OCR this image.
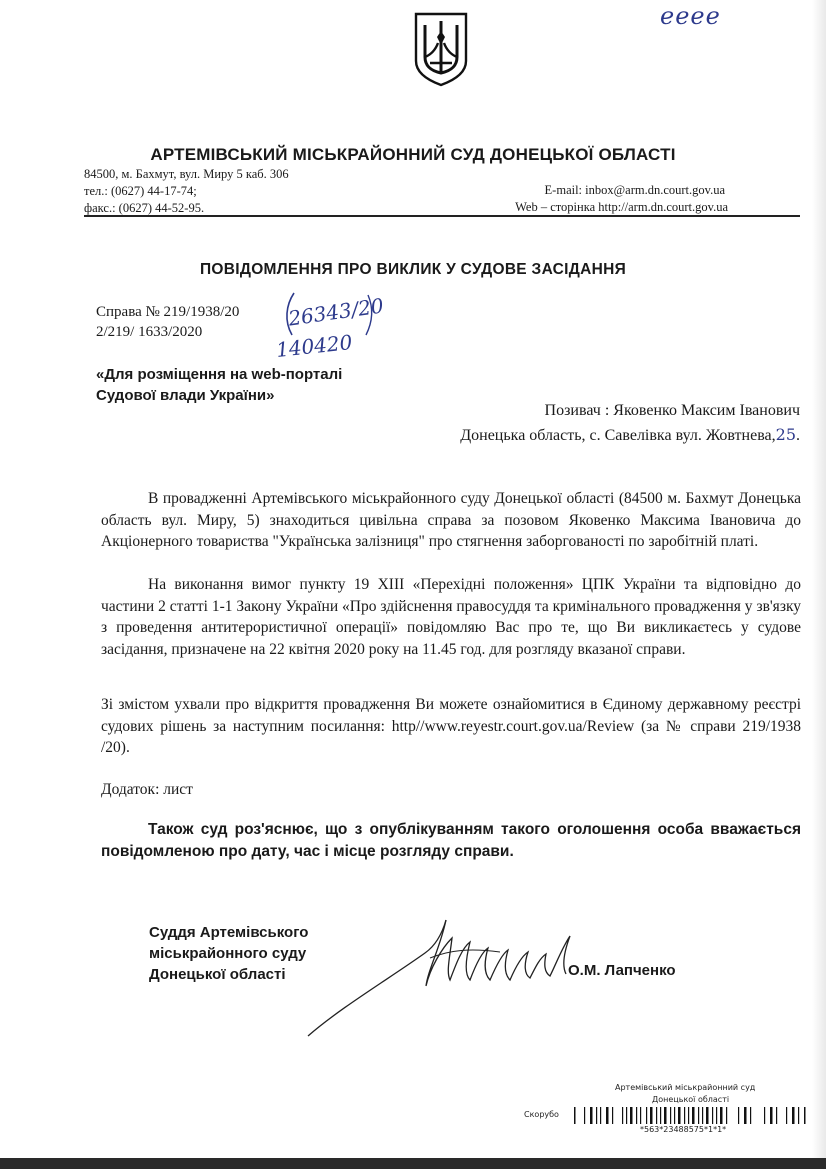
ееее
АРТЕМІВСЬКИЙ МІСЬКРАЙОННИЙ СУД ДОНЕЦЬКОЇ ОБЛАСТІ
84500, м. Бахмут, вул. Миру 5 каб. 306
тел.: (0627) 44-17-74;
факс.: (0627) 44-52-95.
E-mail: inbox@arm.dn.court.gov.ua
Web – сторінка http://arm.dn.court.gov.ua
ПОВІДОМЛЕННЯ ПРО ВИКЛИК У СУДОВЕ ЗАСІДАННЯ
Справа № 219/1938/20
2/219/ 1633/2020
26343/20
140420
«Для розміщення на web-порталі
Судової влади України»
Позивач : Яковенко Максим Іванович
Донецька область, с. Савелівка вул. Жовтнева,25.

В провадженні Артемівського міськрайонного суду Донецької області (84500 м. Бахмут Донецька область вул. Миру, 5) знаходиться цивільна справа за позовом Яковенко Максима Івановича до Акціонерного товариства "Українська залізниця" про стягнення заборгованості по заробітній платі.

На виконання вимог пункту 19 ХIII «Перехідні положення» ЦПК України та відповідно до частини 2 статті 1-1 Закону України «Про здійснення правосуддя та кримінального провадження у зв'язку з проведення антитерористичної операції» повідомляю Вас про те, що Ви викликаєтесь у судове засідання, призначене на 22 квітня 2020 року на 11.45 год. для розгляду вказаної справи.

Зі змістом ухвали про відкриття провадження Ви можете ознайомитися в Єдиному державному реєстрі судових рішень за наступним посилання: http//www.reyestr.court.gov.ua/Review (за № справи 219/1938 /20).

Додаток: лист
Також суд роз'яснює, що з опублікуванням такого оголошення особа вважається повідомленою про дату, час і місце розгляду справи.
Суддя Артемівського
міськрайонного суду
Донецької області	О.М. Лапченко
Артемівський міськрайонний суд
Донецької області
Скорубо
*563*23488575*1*1*
